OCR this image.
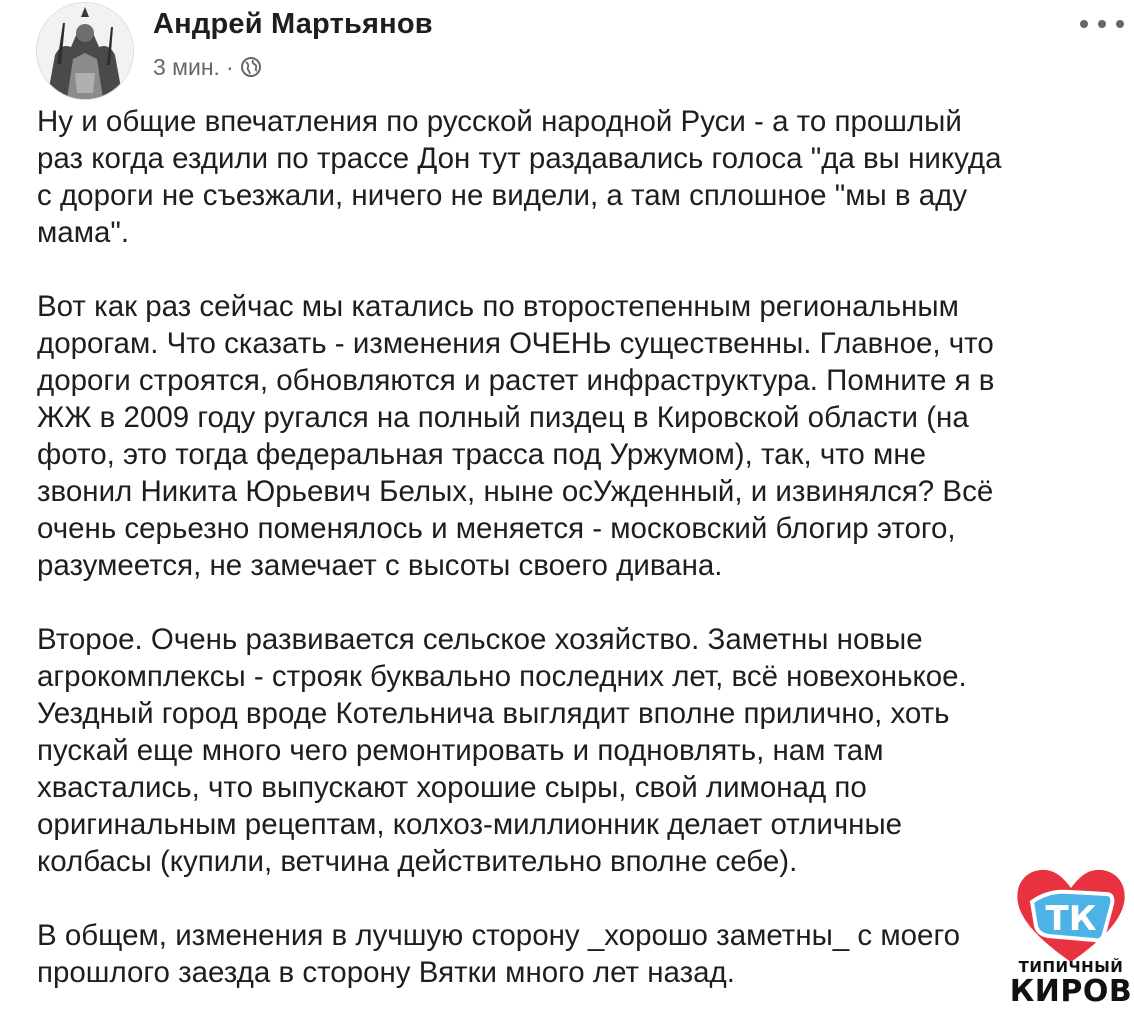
Андрей Мартьянов
3 мин. ·

Ну и общие впечатления по русской народной Руси - а то прошлый
раз когда ездили по трассе Дон тут раздавались голоса "да вы никуда
с дороги не съезжали, ничего не видели, а там сплошное "мы в аду
мама".

Вот как раз сейчас мы катались по второстепенным региональным
дорогам. Что сказать - изменения ОЧЕНЬ существенны. Главное, что
дороги строятся, обновляются и растет инфраструктура. Помните я в
ЖЖ в 2009 году ругался на полный пиздец в Кировской области (на
фото, это тогда федеральная трасса под Уржумом), так, что мне
звонил Никита Юрьевич Белых, ныне осУжденный, и извинялся? Всё
очень серьезно поменялось и меняется - московский блогир этого,
разумеется, не замечает с высоты своего дивана.

Второе. Очень развивается сельское хозяйство. Заметны новые
агрокомплексы - строяк буквально последних лет, всё новехонькое.
Уездный город вроде Котельнича выглядит вполне прилично, хоть
пускай еще много чего ремонтировать и подновлять, нам там
хвастались, что выпускают хорошие сыры, свой лимонад по
оригинальным рецептам, колхоз-миллионник делает отличные
колбасы (купили, ветчина действительно вполне себе).

В общем, изменения в лучшую сторону _хорошо заметны_ с моего
прошлого заезда в сторону Вятки много лет назад.

ТК
ТИПИЧНЫЙ
КИРОВ
